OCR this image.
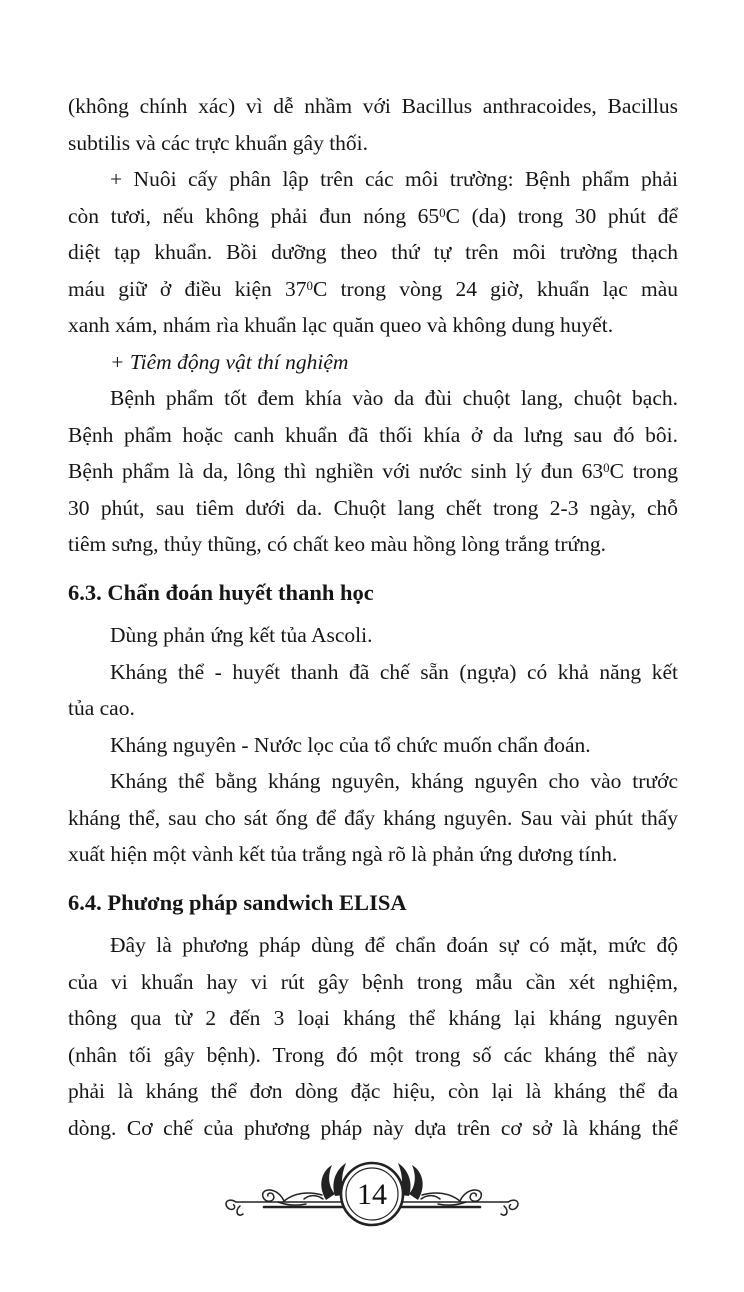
(không chính xác) vì dễ nhầm với Bacillus anthracoides, Bacillus
subtilis và các trực khuẩn gây thối.
+ Nuôi cấy phân lập trên các môi trường: Bệnh phẩm phải
còn tươi, nếu không phải đun nóng $65^0C$ (da) trong 30 phút để
diệt tạp khuẩn. Bồi dưỡng theo thứ tự trên môi trường thạch
máu giữ ở điều kiện $37^0C$ trong vòng 24 giờ, khuẩn lạc màu
xanh xám, nhám rìa khuẩn lạc quăn queo và không dung huyết.
+ Tiêm động vật thí nghiệm
Bệnh phẩm tốt đem khía vào da đùi chuột lang, chuột bạch.
Bệnh phẩm hoặc canh khuẩn đã thối khía ở da lưng sau đó bôi.
Bệnh phẩm là da, lông thì nghiền với nước sinh lý đun $63^0C$ trong
30 phút, sau tiêm dưới da. Chuột lang chết trong 2-3 ngày, chỗ
tiêm sưng, thủy thũng, có chất keo màu hồng lòng trắng trứng.
6.3. Chẩn đoán huyết thanh học
Dùng phản ứng kết tủa Ascoli.
Kháng thể - huyết thanh đã chế sẵn (ngựa) có khả năng kết
tủa cao.
Kháng nguyên - Nước lọc của tổ chức muốn chẩn đoán.
Kháng thể bằng kháng nguyên, kháng nguyên cho vào trước
kháng thể, sau cho sát ống để đẩy kháng nguyên. Sau vài phút thấy
xuất hiện một vành kết tủa trắng ngà rõ là phản ứng dương tính.
6.4. Phương pháp sandwich ELISA
Đây là phương pháp dùng để chẩn đoán sự có mặt, mức độ
của vi khuẩn hay vi rút gây bệnh trong mẫu cần xét nghiệm,
thông qua từ 2 đến 3 loại kháng thể kháng lại kháng nguyên
(nhân tối gây bệnh). Trong đó một trong số các kháng thể này
phải là kháng thể đơn dòng đặc hiệu, còn lại là kháng thể đa
dòng. Cơ chế của phương pháp này dựa trên cơ sở là kháng thể
14
